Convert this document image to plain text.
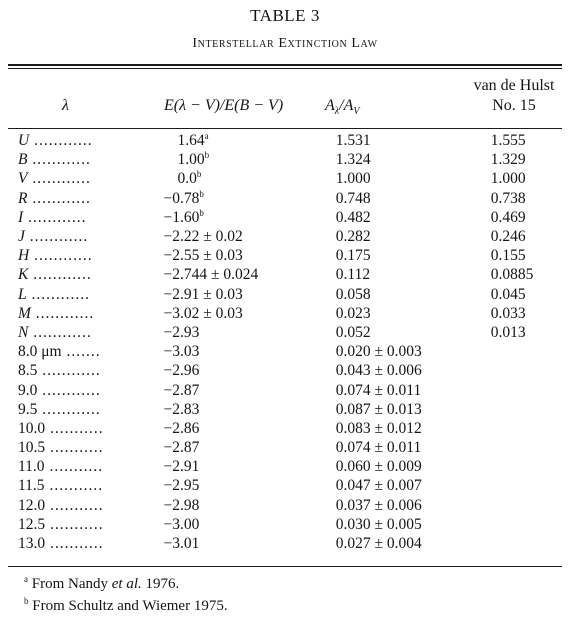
TABLE 3
Interstellar Extinction Law
λ	E(λ − V)/E(B − V)	$A_\lambda/A_V$
van de Hulst
No. 15
U ............	1.64$^a$	1.531	1.555
B ............	1.00$^b$	1.324	1.329
V ............	0.0$^b$	1.000	1.000
R ............	−0.78$^b$	0.748	0.738
I ............	−1.60$^b$	0.482	0.469
J ............	−2.22 ± 0.02	0.282	0.246
H ............	−2.55 ± 0.03	0.175	0.155
K ............	−2.744 ± 0.024	0.112	0.0885
L ............	−2.91 ± 0.03	0.058	0.045
M ............	−3.02 ± 0.03	0.023	0.033
N ............	−2.93	0.052	0.013
8.0 μm .......	−3.03	0.020 ± 0.003	
8.5 ............	−2.96	0.043 ± 0.006	
9.0 ............	−2.87	0.074 ± 0.011	
9.5 ............	−2.83	0.087 ± 0.013	
10.0 ...........	−2.86	0.083 ± 0.012	
10.5 ...........	−2.87	0.074 ± 0.011	
11.0 ...........	−2.91	0.060 ± 0.009	
11.5 ...........	−2.95	0.047 ± 0.007	
12.0 ...........	−2.98	0.037 ± 0.006	
12.5 ...........	−3.00	0.030 ± 0.005	
13.0 ...........	−3.01	0.027 ± 0.004	
$^a$ From Nandy et al. 1976.
$^b$ From Schultz and Wiemer 1975.
